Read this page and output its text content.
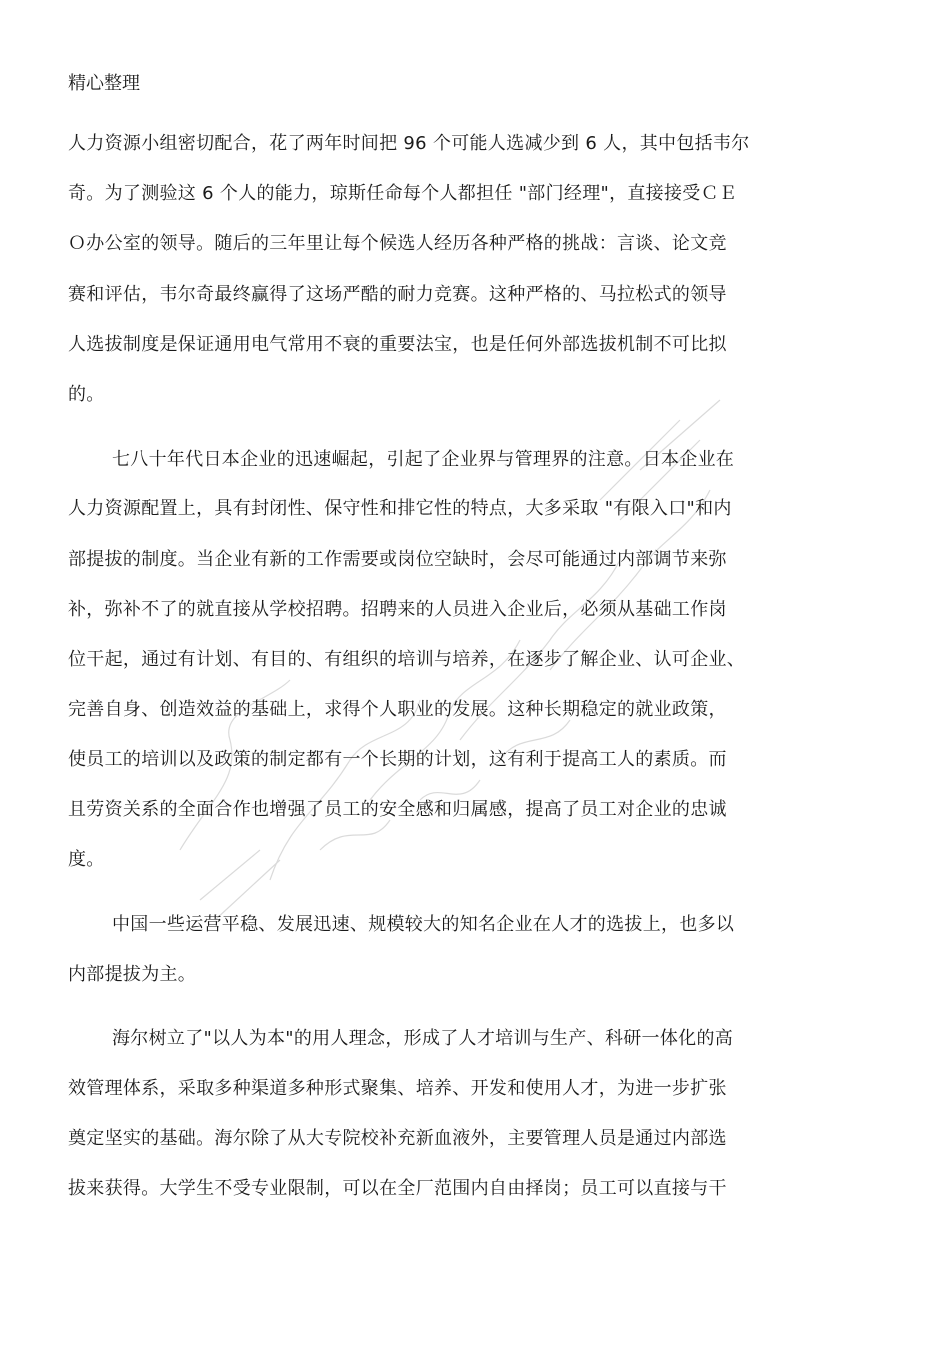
精心整理
人力资源小组密切配合，花了两年时间把 96 个可能人选减少到 6 人，其中包括韦尔
奇。为了测验这 6 个人的能力，琼斯任命每个人都担任 "部门经理"，直接接受ＣＥ
Ｏ办公室的领导。随后的三年里让每个候选人经历各种严格的挑战：言谈、论文竞
赛和评估，韦尔奇最终赢得了这场严酷的耐力竞赛。这种严格的、马拉松式的领导
人选拔制度是保证通用电气常用不衰的重要法宝，也是任何外部选拔机制不可比拟
的。
七八十年代日本企业的迅速崛起，引起了企业界与管理界的注意。日本企业在
人力资源配置上，具有封闭性、保守性和排它性的特点，大多采取 "有限入口"和内
部提拔的制度。当企业有新的工作需要或岗位空缺时，会尽可能通过内部调节来弥
补，弥补不了的就直接从学校招聘。招聘来的人员进入企业后，必须从基础工作岗
位干起，通过有计划、有目的、有组织的培训与培养，在逐步了解企业、认可企业、
完善自身、创造效益的基础上，求得个人职业的发展。这种长期稳定的就业政策，
使员工的培训以及政策的制定都有一个长期的计划，这有利于提高工人的素质。而
且劳资关系的全面合作也增强了员工的安全感和归属感，提高了员工对企业的忠诚
度。
中国一些运营平稳、发展迅速、规模较大的知名企业在人才的选拔上，也多以
内部提拔为主。
海尔树立了"以人为本"的用人理念，形成了人才培训与生产、科研一体化的高
效管理体系，采取多种渠道多种形式聚集、培养、开发和使用人才，为进一步扩张
奠定坚实的基础。海尔除了从大专院校补充新血液外，主要管理人员是通过内部选
拔来获得。大学生不受专业限制，可以在全厂范围内自由择岗；员工可以直接与干
